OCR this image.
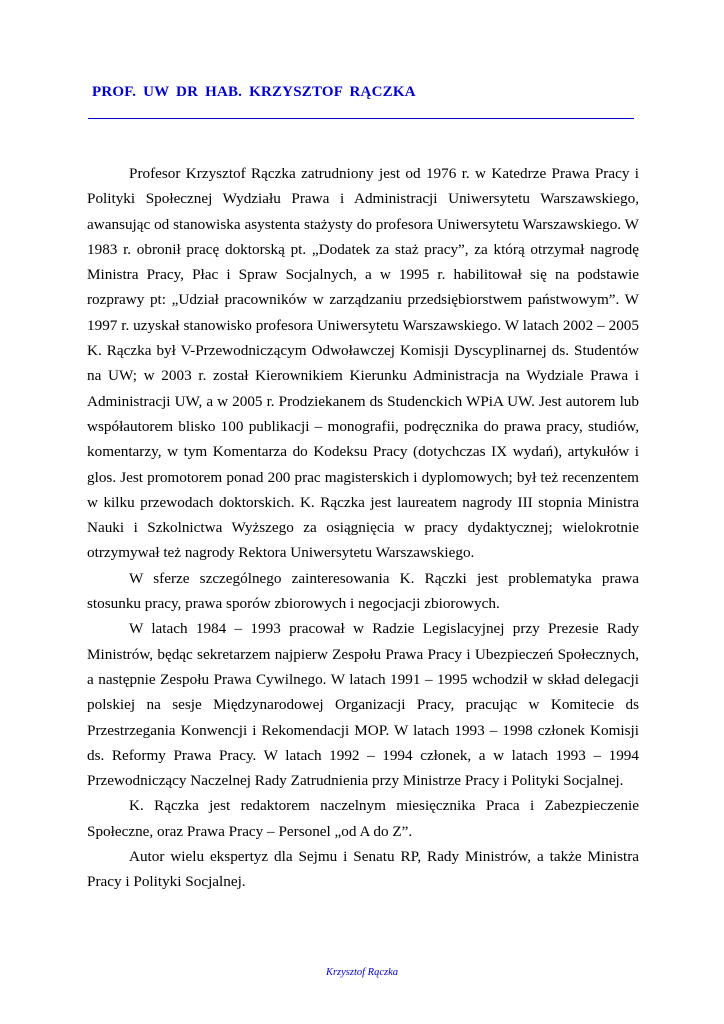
PROF. UW DR HAB. KRZYSZTOF RĄCZKA

Profesor Krzysztof Rączka zatrudniony jest od 1976 r. w Katedrze Prawa Pracy i Polityki Społecznej Wydziału Prawa i Administracji Uniwersytetu Warszawskiego, awansując od stanowiska asystenta stażysty do profesora Uniwersytetu Warszawskiego. W 1983 r. obronił pracę doktorską pt. „Dodatek za staż pracy”, za którą otrzymał nagrodę Ministra Pracy, Płac i Spraw Socjalnych, a w 1995 r. habilitował się na podstawie rozprawy pt: „Udział pracowników w zarządzaniu przedsiębiorstwem państwowym”. W 1997 r. uzyskał stanowisko profesora Uniwersytetu Warszawskiego. W latach 2002 – 2005 K. Rączka był V-Przewodniczącym Odwoławczej Komisji Dyscyplinarnej ds. Studentów na UW; w 2003 r. został Kierownikiem Kierunku Administracja na Wydziale Prawa i Administracji UW, a w 2005 r. Prodziekanem ds Studenckich WPiA UW. Jest autorem lub współautorem blisko 100 publikacji – monografii, podręcznika do prawa pracy, studiów, komentarzy, w tym Komentarza do Kodeksu Pracy (dotychczas IX wydań), artykułów i glos. Jest promotorem ponad 200 prac magisterskich i dyplomowych; był też recenzentem w kilku przewodach doktorskich. K. Rączka jest laureatem nagrody III stopnia Ministra Nauki i Szkolnictwa Wyższego za osiągnięcia w pracy dydaktycznej; wielokrotnie otrzymywał też nagrody Rektora Uniwersytetu Warszawskiego.

W sferze szczególnego zainteresowania K. Rączki jest problematyka prawa stosunku pracy, prawa sporów zbiorowych i negocjacji zbiorowych.

W latach 1984 – 1993 pracował w Radzie Legislacyjnej przy Prezesie Rady Ministrów, będąc sekretarzem najpierw Zespołu Prawa Pracy i Ubezpieczeń Społecznych, a następnie Zespołu Prawa Cywilnego. W latach 1991 – 1995 wchodził w skład delegacji polskiej na sesje Międzynarodowej Organizacji Pracy, pracując w Komitecie ds Przestrzegania Konwencji i Rekomendacji MOP. W latach 1993 – 1998 członek Komisji ds. Reformy Prawa Pracy. W latach 1992 – 1994 członek, a w latach 1993 – 1994 Przewodniczący Naczelnej Rady Zatrudnienia przy Ministrze Pracy i Polityki Socjalnej.

K. Rączka jest redaktorem naczelnym miesięcznika Praca i Zabezpieczenie Społeczne, oraz Prawa Pracy – Personel „od A do Z”.

Autor wielu ekspertyz dla Sejmu i Senatu RP, Rady Ministrów, a także Ministra Pracy i Polityki Socjalnej.

Krzysztof Rączka
